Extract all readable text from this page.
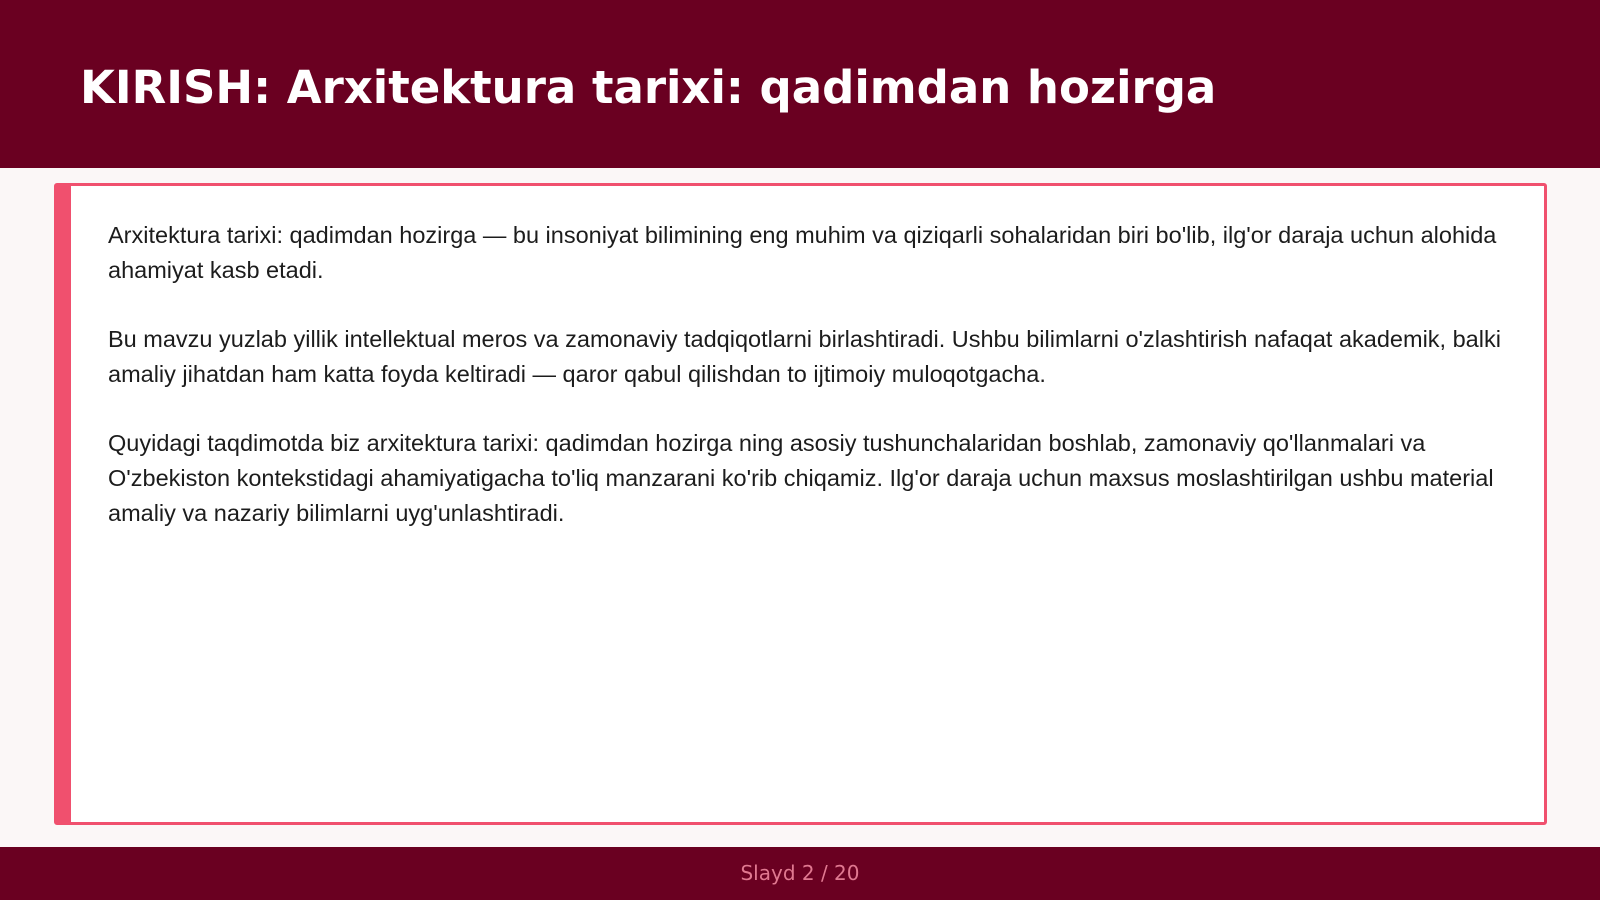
KIRISH: Arxitektura tarixi: qadimdan hozirga

Arxitektura tarixi: qadimdan hozirga — bu insoniyat bilimining eng muhim va qiziqarli sohalaridan biri bo'lib, ilg'or daraja uchun alohida ahamiyat kasb etadi.

Bu mavzu yuzlab yillik intellektual meros va zamonaviy tadqiqotlarni birlashtiradi. Ushbu bilimlarni o'zlashtirish nafaqat akademik, balki amaliy jihatdan ham katta foyda keltiradi — qaror qabul qilishdan to ijtimoiy muloqotgacha.

Quyidagi taqdimotda biz arxitektura tarixi: qadimdan hozirga ning asosiy tushunchalaridan boshlab, zamonaviy qo'llanmalari va O'zbekiston kontekstidagi ahamiyatigacha to'liq manzarani ko'rib chiqamiz. Ilg'or daraja uchun maxsus moslashtirilgan ushbu material amaliy va nazariy bilimlarni uyg'unlashtiradi.

Slayd 2 / 20
